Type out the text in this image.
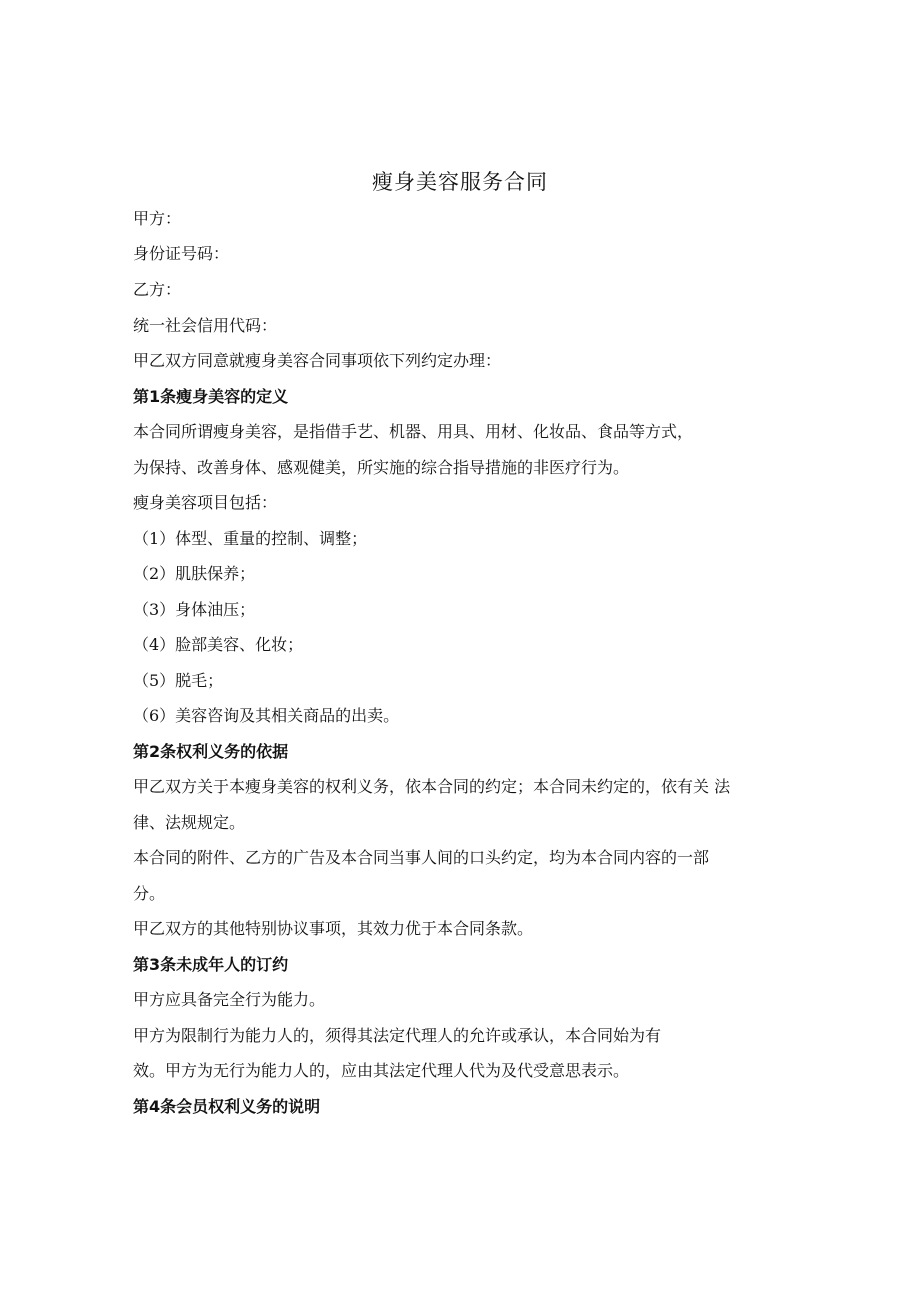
瘦身美容服务合同
甲方：
身份证号码：
乙方：
统一社会信用代码：
甲乙双方同意就瘦身美容合同事项依下列约定办理：
第1条瘦身美容的定义
本合同所谓瘦身美容，是指借手艺、机器、用具、用材、化妆品、食品等方式，
为保持、改善身体、感观健美，所实施的综合指导措施的非医疗行为。
瘦身美容项目包括：
（1）体型、重量的控制、调整；
（2）肌肤保养；
（3）身体油压；
（4）脸部美容、化妆；
（5）脱毛；
（6）美容咨询及其相关商品的出卖。
第2条权利义务的依据
甲乙双方关于本瘦身美容的权利义务，依本合同的约定；本合同未约定的，依有关 法
律、法规规定。
本合同的附件、乙方的广告及本合同当事人间的口头约定，均为本合同内容的一部
分。
甲乙双方的其他特别协议事项，其效力优于本合同条款。
第3条未成年人的订约
甲方应具备完全行为能力。
甲方为限制行为能力人的，须得其法定代理人的允许或承认，本合同始为有
效。甲方为无行为能力人的，应由其法定代理人代为及代受意思表示。
第4条会员权利义务的说明
